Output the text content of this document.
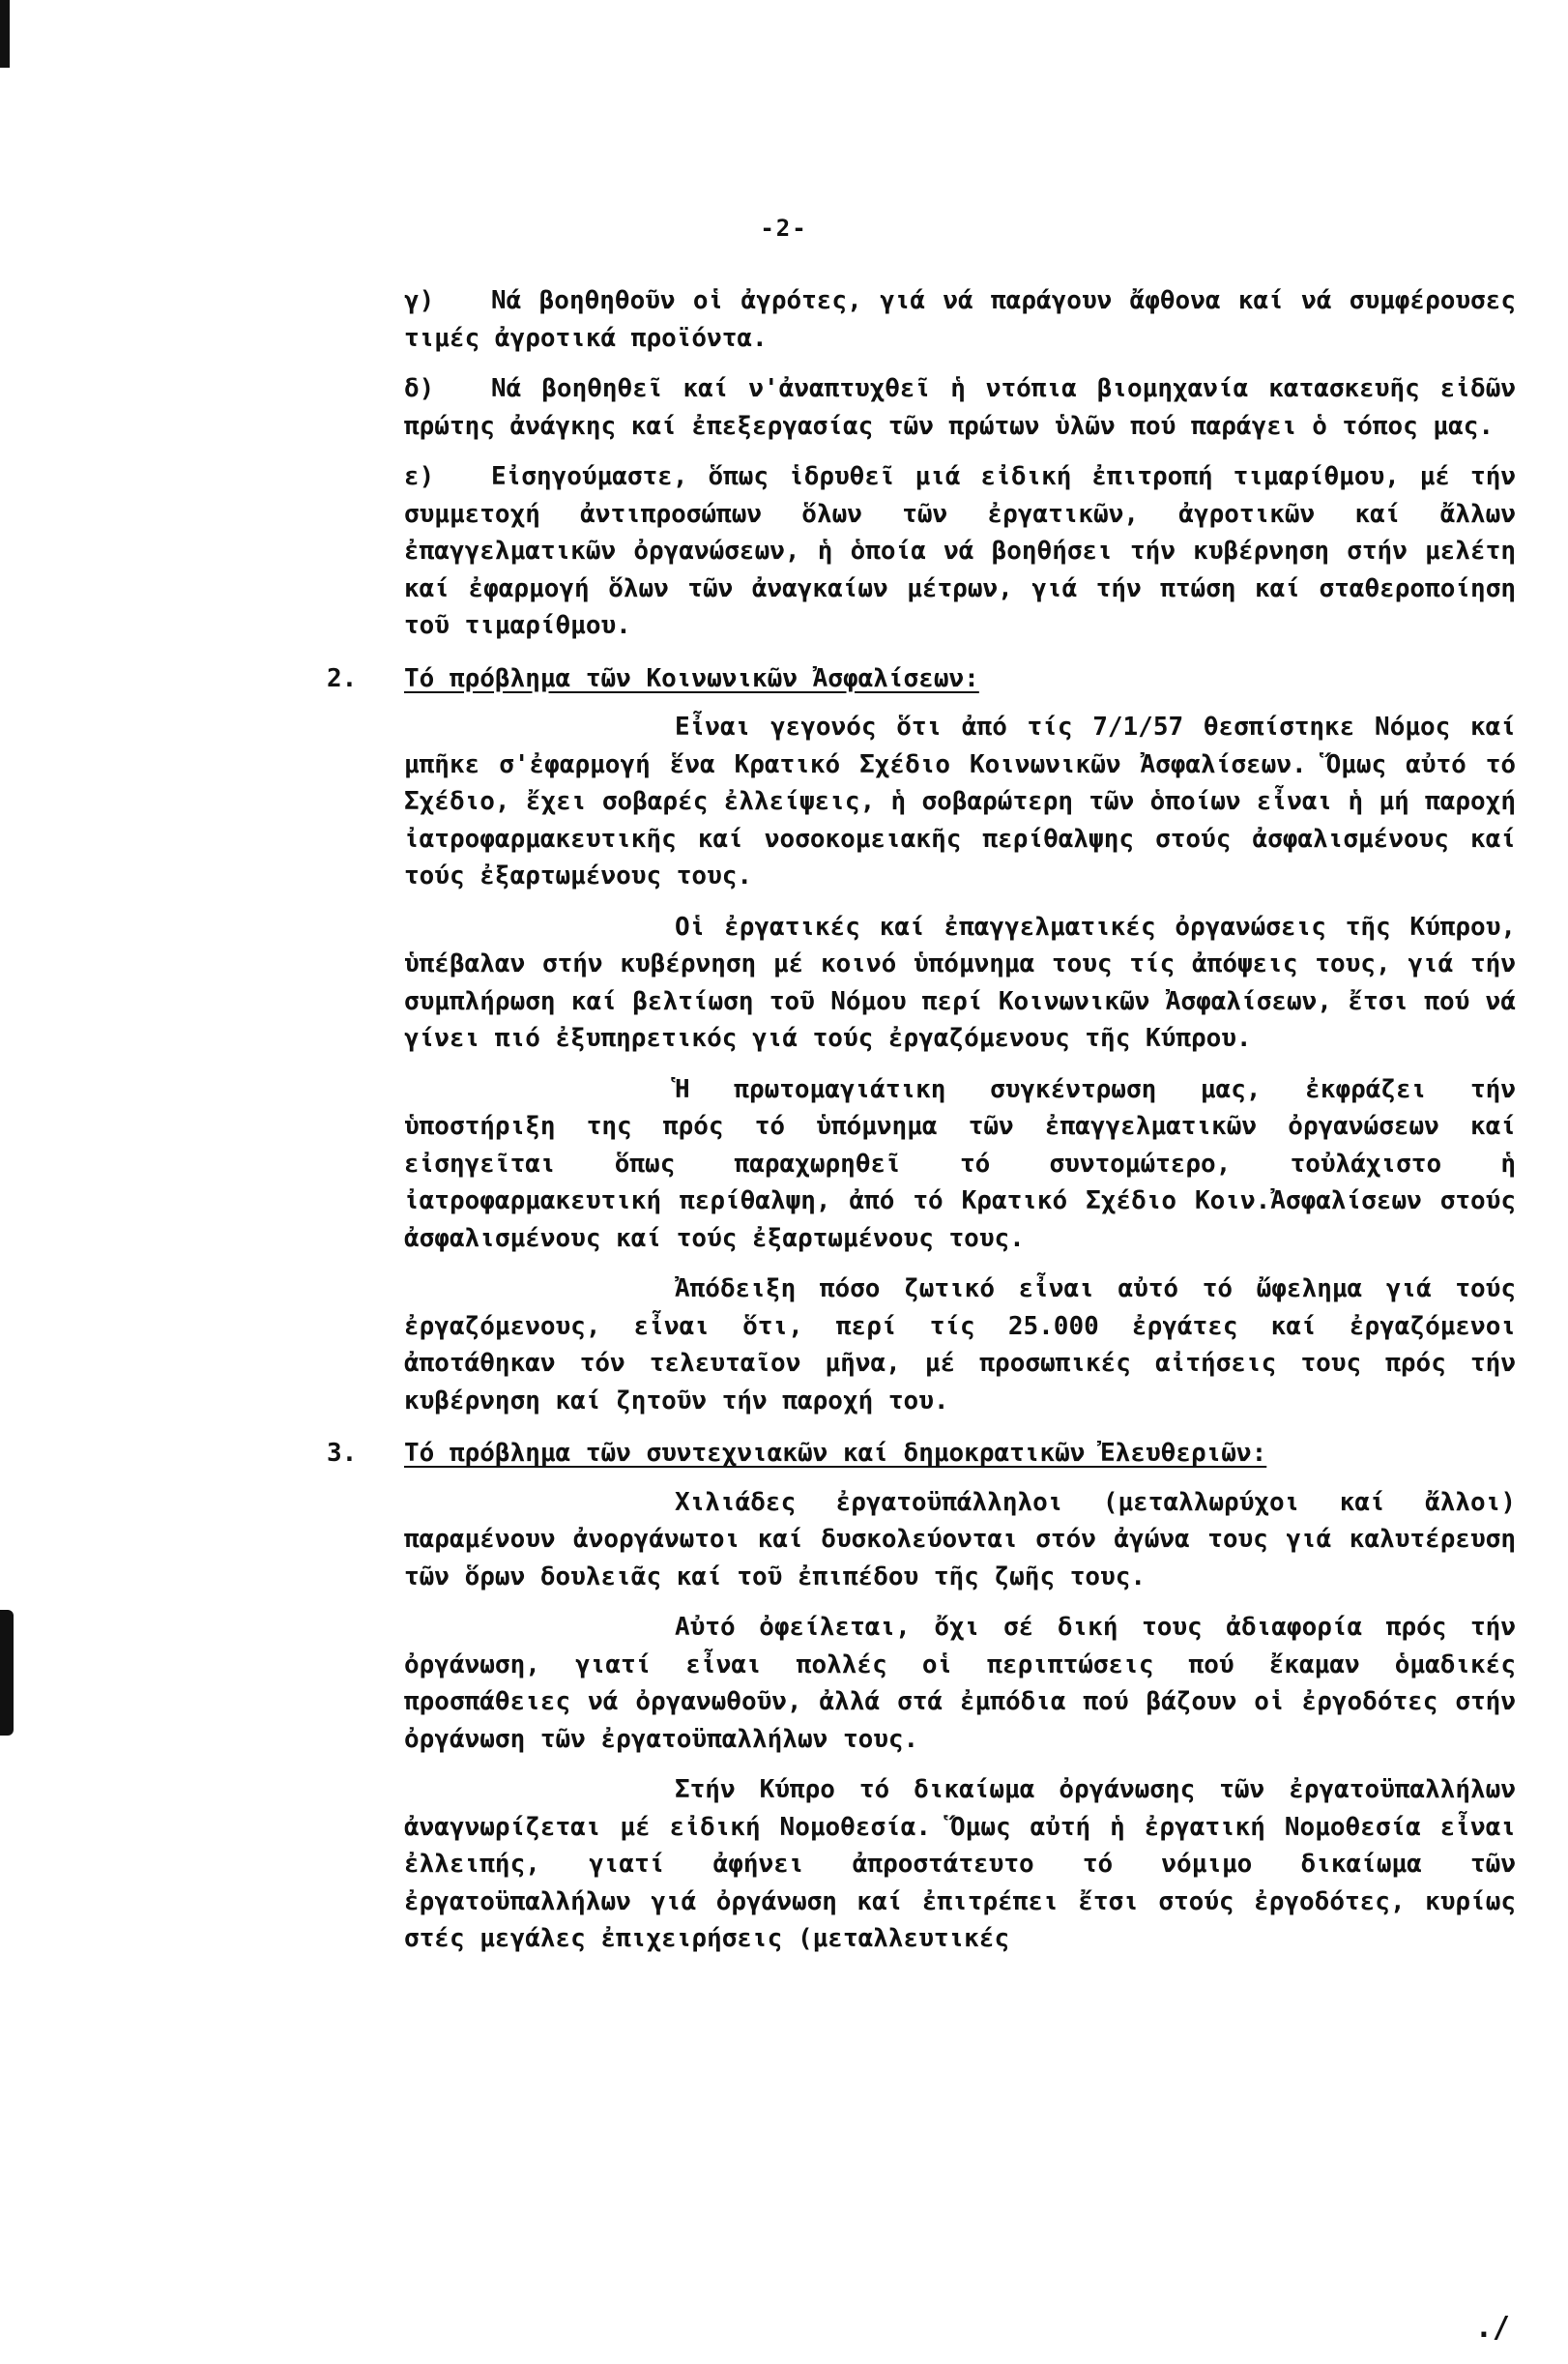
-2-
γ) Νά βοηθηθοῦν οἱ ἀγρότες, γιά νά παράγουν ἄφθονα καί νά συμφέρουσες τιμές ἀγροτικά προϊόντα.
δ) Νά βοηθηθεῖ καί ν'ἀναπτυχθεῖ ἡ ντόπια βιομηχανία κατασκευῆς εἰδῶν πρώτης ἀνάγκης καί ἐπεξεργασίας τῶν πρώτων ὑλῶν πού παράγει ὁ τόπος μας.
ε) Εἰσηγούμαστε, ὅπως ἱδρυθεῖ μιά εἰδική ἐπιτροπή τιμαρίθμου, μέ τήν συμμετοχή ἀντιπροσώπων ὅλων τῶν ἐργατικῶν, ἀγροτικῶν καί ἄλλων ἐπαγγελματικῶν ὀργανώσεων, ἡ ὁποία νά βοηθήσει τήν κυβέρνηση στήν μελέτη καί ἐφαρμογή ὅλων τῶν ἀναγκαίων μέτρων, γιά τήν πτώση καί σταθεροποίηση τοῦ τιμαρίθμου.
2.	Τό πρόβλημα τῶν Κοινωνικῶν Ἀσφαλίσεων:
Εἶναι γεγονός ὅτι ἀπό τίς 7/1/57 θεσπίστηκε Νόμος καί μπῆκε σ'ἐφαρμογή ἕνα Κρατικό Σχέδιο Κοινωνικῶν Ἀσφαλίσεων. Ὅμως αὐτό τό Σχέδιο, ἔχει σοβαρές ἐλλείψεις, ἡ σοβαρώτερη τῶν ὁποίων εἶναι ἡ μή παροχή ἰατροφαρμακευτικῆς καί νοσοκομειακῆς περίθαλψης στούς ἀσφαλισμένους καί τούς ἐξαρτωμένους τους.
Οἱ ἐργατικές καί ἐπαγγελματικές ὀργανώσεις τῆς Κύπρου, ὑπέβαλαν στήν κυβέρνηση μέ κοινό ὑπόμνημα τους τίς ἀπόψεις τους, γιά τήν συμπλήρωση καί βελτίωση τοῦ Νόμου περί Κοινωνικῶν Ἀσφαλίσεων, ἔτσι πού νά γίνει πιό ἐξυπηρετικός γιά τούς ἐργαζόμενους τῆς Κύπρου.
Ἡ πρωτομαγιάτικη συγκέντρωση μας, ἐκφράζει τήν ὑποστήριξη της πρός τό ὑπόμνημα τῶν ἐπαγγελματικῶν ὀργανώσεων καί εἰσηγεῖται ὅπως παραχωρηθεῖ τό συντομώτερο, τοὐλάχιστο ἡ ἰατροφαρμακευτική περίθαλψη, ἀπό τό Κρατικό Σχέδιο Κοιν.Ἀσφαλίσεων στούς ἀσφαλισμένους καί τούς ἐξαρτωμένους τους.
Ἀπόδειξη πόσο ζωτικό εἶναι αὐτό τό ὤφελημα γιά τούς ἐργαζόμενους, εἶναι ὅτι, περί τίς 25.000 ἐργάτες καί ἐργαζόμενοι ἀποτάθηκαν τόν τελευταῖον μῆνα, μέ προσωπικές αἰτήσεις τους πρός τήν κυβέρνηση καί ζητοῦν τήν παροχή του.
3.	Τό πρόβλημα τῶν συντεχνιακῶν καί δημοκρατικῶν Ἐλευθεριῶν:
Χιλιάδες ἐργατοϋπάλληλοι (μεταλλωρύχοι καί ἄλλοι) παραμένουν ἀνοργάνωτοι καί δυσκολεύονται στόν ἀγώνα τους γιά καλυτέρευση τῶν ὅρων δουλειᾶς καί τοῦ ἐπιπέδου τῆς ζωῆς τους.
Αὐτό ὀφείλεται, ὄχι σέ δική τους ἀδιαφορία πρός τήν ὀργάνωση, γιατί εἶναι πολλές οἱ περιπτώσεις πού ἔκαμαν ὁμαδικές προσπάθειες νά ὀργανωθοῦν, ἀλλά στά ἐμπόδια πού βάζουν οἱ ἐργοδότες στήν ὀργάνωση τῶν ἐργατοϋπαλλήλων τους.
Στήν Κύπρο τό δικαίωμα ὀργάνωσης τῶν ἐργατοϋπαλλήλων ἀναγνωρίζεται μέ εἰδική Νομοθεσία. Ὅμως αὐτή ἡ ἐργατική Νομοθεσία εἶναι ἐλλειπής, γιατί ἀφήνει ἀπροστάτευτο τό νόμιμο δικαίωμα τῶν ἐργατοϋπαλλήλων γιά ὀργάνωση καί ἐπιτρέπει ἔτσι στούς ἐργοδότες, κυρίως στές μεγάλες ἐπιχειρήσεις (μεταλλευτικές
./
